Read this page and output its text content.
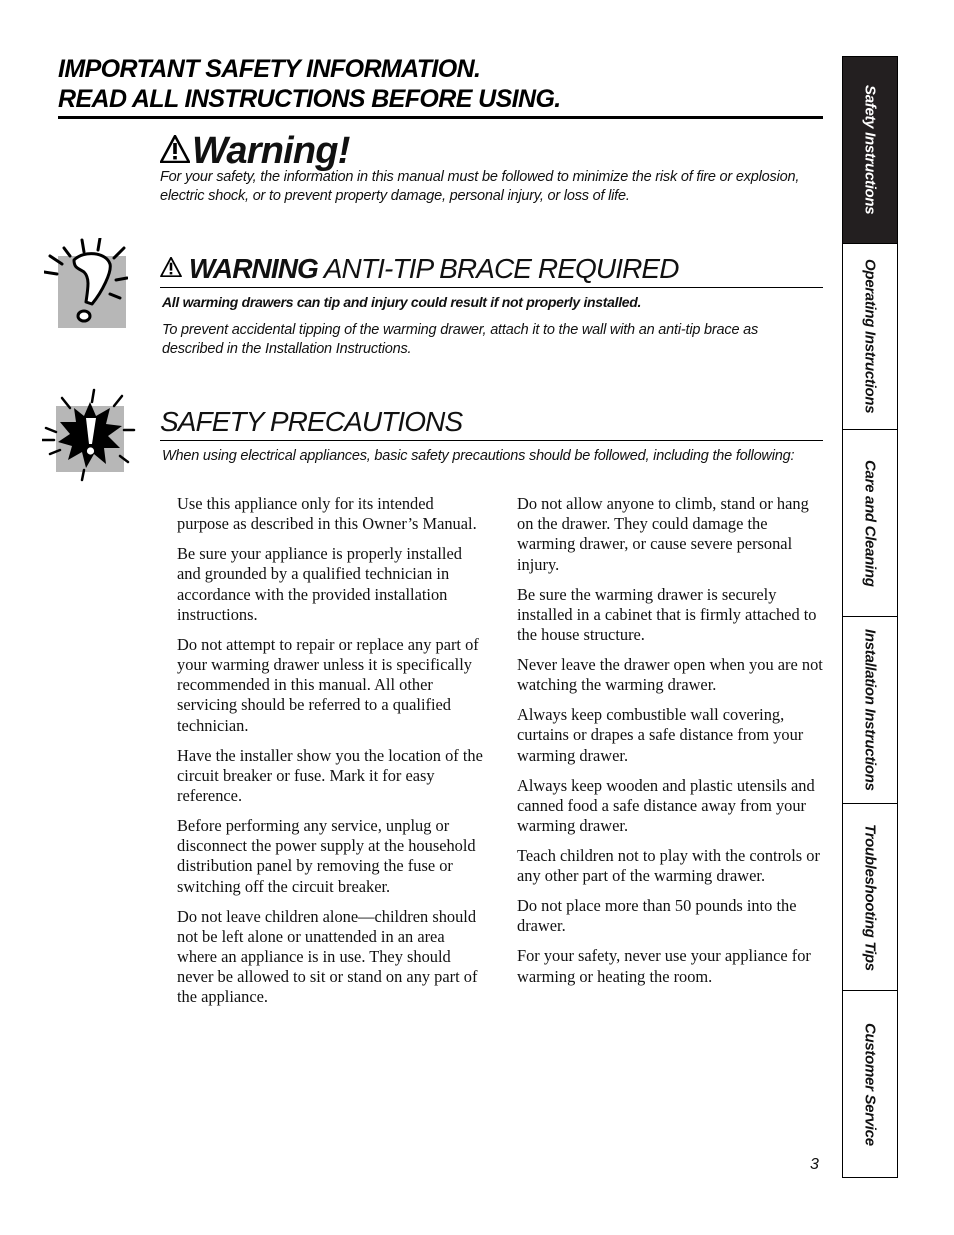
IMPORTANT SAFETY INFORMATION.
READ ALL INSTRUCTIONS BEFORE USING.
Warning!
For your safety, the information in this manual must be followed to minimize the risk of fire or explosion, electric shock, or to prevent property damage, personal injury, or loss of life.
WARNING ANTI-TIP BRACE REQUIRED
All warming drawers can tip and injury could result if not properly installed.
To prevent accidental tipping of the warming drawer, attach it to the wall with an anti-tip brace as described in the Installation Instructions.
SAFETY PRECAUTIONS
When using electrical appliances, basic safety precautions should be followed, including the following:

Use this appliance only for its intended purpose as described in this Owner’s Manual.

Be sure your appliance is properly installed and grounded by a qualified technician in accordance with the provided installation instructions.

Do not attempt to repair or replace any part of your warming drawer unless it is specifically recommended in this manual. All other servicing should be referred to a qualified technician.

Have the installer show you the location of the circuit breaker or fuse. Mark it for easy reference.

Before performing any service, unplug or disconnect the power supply at the household distribution panel by removing the fuse or switching off the circuit breaker.

Do not leave children alone—children should not be left alone or unattended in an area where an appliance is in use. They should never be allowed to sit or stand on any part of the appliance.

Do not allow anyone to climb, stand or hang on the drawer. They could damage the warming drawer, or cause severe personal injury.

Be sure the warming drawer is securely installed in a cabinet that is firmly attached to the house structure.

Never leave the drawer open when you are not watching the warming drawer.

Always keep combustible wall covering, curtains or drapes a safe distance from your warming drawer.

Always keep wooden and plastic utensils and canned food a safe distance away from your warming drawer.

Teach children not to play with the controls or any other part of the warming drawer.

Do not place more than 50 pounds into the drawer.

For your safety, never use your appliance for warming or heating the room.

Safety Instructions
Operating Instructions
Care and Cleaning
Installation Instructions
Troubleshooting Tips
Customer Service
3
